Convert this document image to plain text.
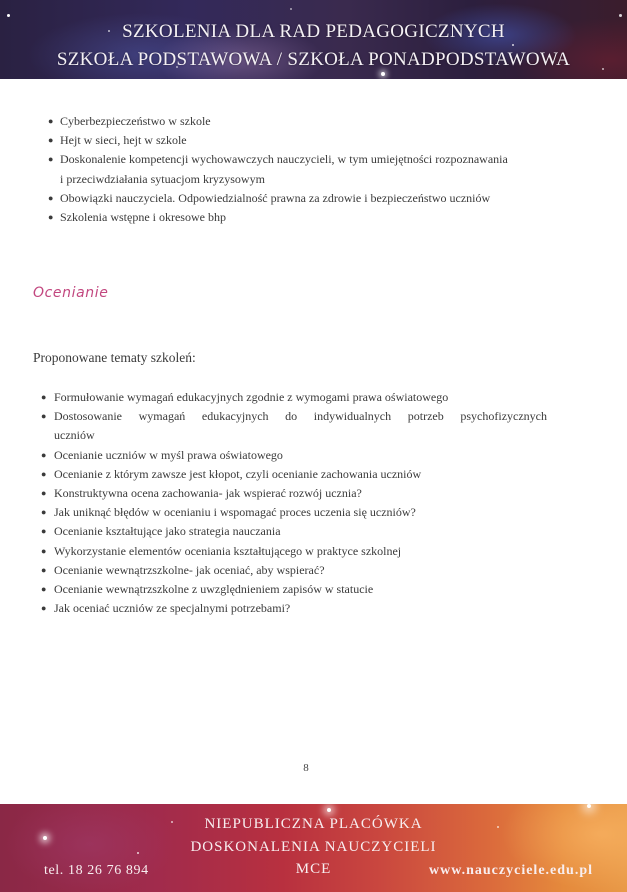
SZKOLENIA DLA RAD PEDAGOGICZNYCH
SZKOŁA PODSTAWOWA / SZKOŁA PONADPODSTAWOWA
● Cyberbezpieczeństwo w szkole
● Hejt w sieci, hejt w szkole
● Doskonalenie kompetencji wychowawczych nauczycieli, w tym umiejętności rozpoznawania
i przeciwdziałania sytuacjom kryzysowym
● Obowiązki nauczyciela. Odpowiedzialność prawna za zdrowie i bezpieczeństwo uczniów
● Szkolenia wstępne i okresowe bhp
Ocenianie
Proponowane tematy szkoleń:
● Formułowanie wymagań edukacyjnych zgodnie z wymogami prawa oświatowego
● Dostosowanie wymagań edukacyjnych do indywidualnych potrzeb psychofizycznych
uczniów
● Ocenianie uczniów w myśl prawa oświatowego
● Ocenianie z którym zawsze jest kłopot, czyli ocenianie zachowania uczniów
● Konstruktywna ocena zachowania- jak wspierać rozwój ucznia?
● Jak uniknąć błędów w ocenianiu i wspomagać proces uczenia się uczniów?
● Ocenianie kształtujące jako strategia nauczania
● Wykorzystanie elementów oceniania kształtującego w praktyce szkolnej
● Ocenianie wewnątrzszkolne- jak oceniać, aby wspierać?
● Ocenianie wewnątrzszkolne z uwzględnieniem zapisów w statucie
● Jak oceniać uczniów ze specjalnymi potrzebami?
8
NIEPUBLICZNA PLACÓWKA
DOSKONALENIA NAUCZYCIELI
MCE
tel. 18 26 76 894	www.nauczyciele.edu.pl
